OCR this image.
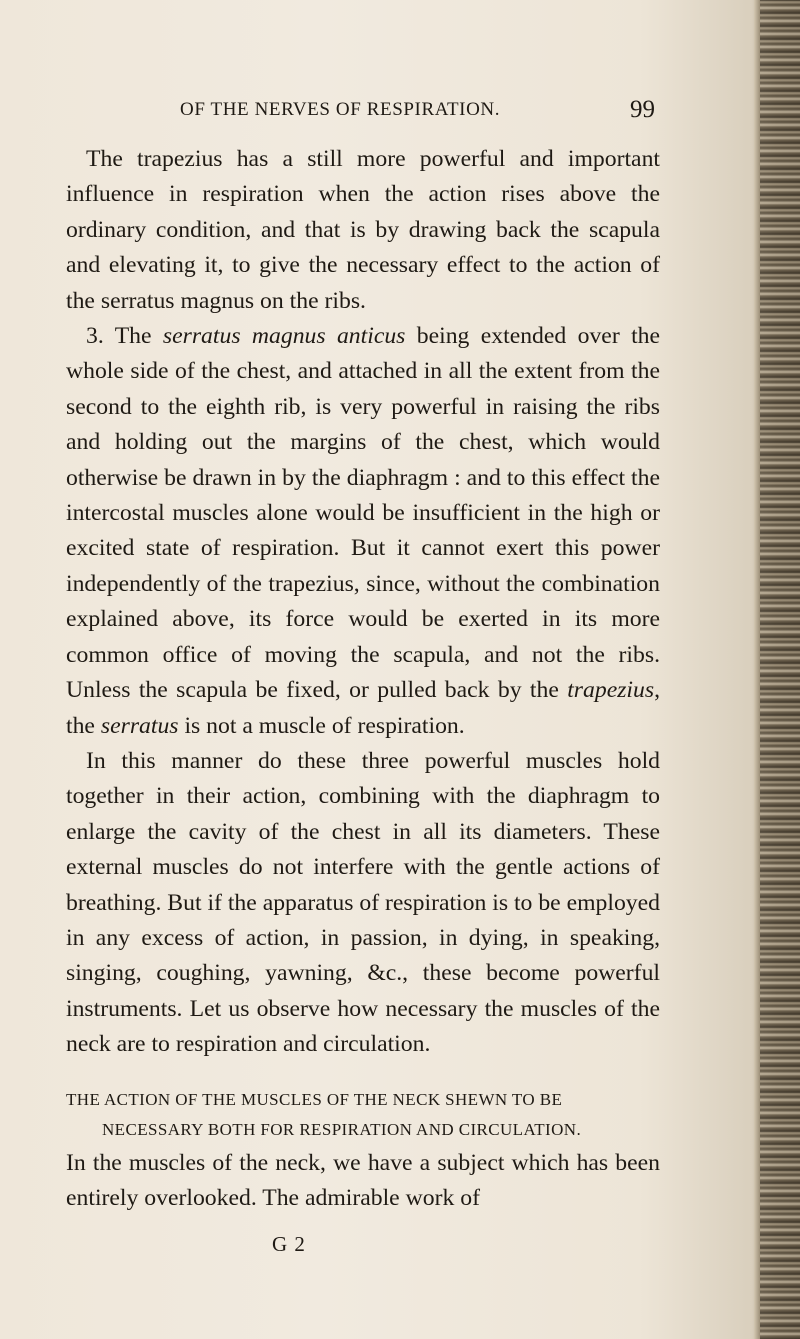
OF THE NERVES OF RESPIRATION.	99

The trapezius has a still more powerful and important influence in respiration when the action rises above the ordinary condition, and that is by drawing back the scapula and elevating it, to give the necessary effect to the action of the serratus magnus on the ribs.

3. The serratus magnus anticus being extended over the whole side of the chest, and attached in all the extent from the second to the eighth rib, is very powerful in raising the ribs and holding out the margins of the chest, which would otherwise be drawn in by the diaphragm : and to this effect the intercostal muscles alone would be insufficient in the high or excited state of respiration. But it cannot exert this power independently of the trapezius, since, without the combination explained above, its force would be exerted in its more common office of moving the scapula, and not the ribs. Unless the scapula be fixed, or pulled back by the trapezius, the serratus is not a muscle of respiration.

In this manner do these three powerful muscles hold together in their action, combining with the diaphragm to enlarge the cavity of the chest in all its diameters. These external muscles do not interfere with the gentle actions of breathing. But if the apparatus of respiration is to be employed in any excess of action, in passion, in dying, in speaking, singing, coughing, yawning, &c., these become powerful instruments. Let us observe how necessary the muscles of the neck are to respiration and circulation.

THE ACTION OF THE MUSCLES OF THE NECK SHEWN TO BE
NECESSARY BOTH FOR RESPIRATION AND CIRCULATION.

In the muscles of the neck, we have a subject which has been entirely overlooked. The admirable work of

G 2
